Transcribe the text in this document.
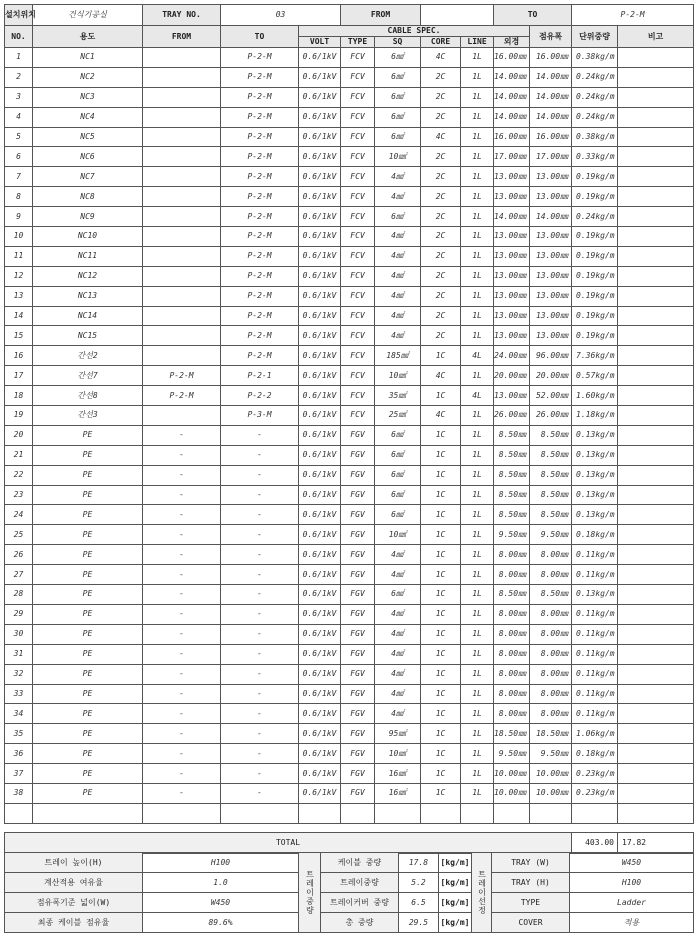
설치위치	건식기공실	TRAY NO.	03		FROM				TO		P-2-M	
NO.	용도	FROM	TO	CABLE SPEC.						점유폭	단위중량	비고
				VOLT	TYPE	SQ	CORE	LINE	외경			
1	NC1		P-2-M	0.6/1kV	FCV	6㎟	4C	1L	16.00㎜	16.00㎜	0.38kg/m	
2	NC2		P-2-M	0.6/1kV	FCV	6㎟	2C	1L	14.00㎜	14.00㎜	0.24kg/m	
3	NC3		P-2-M	0.6/1kV	FCV	6㎟	2C	1L	14.00㎜	14.00㎜	0.24kg/m	
4	NC4		P-2-M	0.6/1kV	FCV	6㎟	2C	1L	14.00㎜	14.00㎜	0.24kg/m	
5	NC5		P-2-M	0.6/1kV	FCV	6㎟	4C	1L	16.00㎜	16.00㎜	0.38kg/m	
6	NC6		P-2-M	0.6/1kV	FCV	10㎟	2C	1L	17.00㎜	17.00㎜	0.33kg/m	
7	NC7		P-2-M	0.6/1kV	FCV	4㎟	2C	1L	13.00㎜	13.00㎜	0.19kg/m	
8	NC8		P-2-M	0.6/1kV	FCV	4㎟	2C	1L	13.00㎜	13.00㎜	0.19kg/m	
9	NC9		P-2-M	0.6/1kV	FCV	6㎟	2C	1L	14.00㎜	14.00㎜	0.24kg/m	
10	NC10		P-2-M	0.6/1kV	FCV	4㎟	2C	1L	13.00㎜	13.00㎜	0.19kg/m	
11	NC11		P-2-M	0.6/1kV	FCV	4㎟	2C	1L	13.00㎜	13.00㎜	0.19kg/m	
12	NC12		P-2-M	0.6/1kV	FCV	4㎟	2C	1L	13.00㎜	13.00㎜	0.19kg/m	
13	NC13		P-2-M	0.6/1kV	FCV	4㎟	2C	1L	13.00㎜	13.00㎜	0.19kg/m	
14	NC14		P-2-M	0.6/1kV	FCV	4㎟	2C	1L	13.00㎜	13.00㎜	0.19kg/m	
15	NC15		P-2-M	0.6/1kV	FCV	4㎟	2C	1L	13.00㎜	13.00㎜	0.19kg/m	
16	간선2		P-2-M	0.6/1kV	FCV	185㎟	1C	4L	24.00㎜	96.00㎜	7.36kg/m	
17	간선7	P-2-M	P-2-1	0.6/1kV	FCV	10㎟	4C	1L	20.00㎜	20.00㎜	0.57kg/m	
18	간선8	P-2-M	P-2-2	0.6/1kV	FCV	35㎟	1C	4L	13.00㎜	52.00㎜	1.60kg/m	
19	간선3		P-3-M	0.6/1kV	FCV	25㎟	4C	1L	26.00㎜	26.00㎜	1.18kg/m	
20	PE	-	-	0.6/1kV	FGV	6㎟	1C	1L	8.50㎜	8.50㎜	0.13kg/m	
21	PE	-	-	0.6/1kV	FGV	6㎟	1C	1L	8.50㎜	8.50㎜	0.13kg/m	
22	PE	-	-	0.6/1kV	FGV	6㎟	1C	1L	8.50㎜	8.50㎜	0.13kg/m	
23	PE	-	-	0.6/1kV	FGV	6㎟	1C	1L	8.50㎜	8.50㎜	0.13kg/m	
24	PE	-	-	0.6/1kV	FGV	6㎟	1C	1L	8.50㎜	8.50㎜	0.13kg/m	
25	PE	-	-	0.6/1kV	FGV	10㎟	1C	1L	9.50㎜	9.50㎜	0.18kg/m	
26	PE	-	-	0.6/1kV	FGV	4㎟	1C	1L	8.00㎜	8.00㎜	0.11kg/m	
27	PE	-	-	0.6/1kV	FGV	4㎟	1C	1L	8.00㎜	8.00㎜	0.11kg/m	
28	PE	-	-	0.6/1kV	FGV	6㎟	1C	1L	8.50㎜	8.50㎜	0.13kg/m	
29	PE	-	-	0.6/1kV	FGV	4㎟	1C	1L	8.00㎜	8.00㎜	0.11kg/m	
30	PE	-	-	0.6/1kV	FGV	4㎟	1C	1L	8.00㎜	8.00㎜	0.11kg/m	
31	PE	-	-	0.6/1kV	FGV	4㎟	1C	1L	8.00㎜	8.00㎜	0.11kg/m	
32	PE	-	-	0.6/1kV	FGV	4㎟	1C	1L	8.00㎜	8.00㎜	0.11kg/m	
33	PE	-	-	0.6/1kV	FGV	4㎟	1C	1L	8.00㎜	8.00㎜	0.11kg/m	
34	PE	-	-	0.6/1kV	FGV	4㎟	1C	1L	8.00㎜	8.00㎜	0.11kg/m	
35	PE	-	-	0.6/1kV	FGV	95㎟	1C	1L	18.50㎜	18.50㎜	1.06kg/m	
36	PE	-	-	0.6/1kV	FGV	10㎟	1C	1L	9.50㎜	9.50㎜	0.18kg/m	
37	PE	-	-	0.6/1kV	FGV	16㎟	1C	1L	10.00㎜	10.00㎜	0.23kg/m	
38	PE	-	-	0.6/1kV	FGV	16㎟	1C	1L	10.00㎜	10.00㎜	0.23kg/m	

TOTAL	403.00	17.82
트레이 높이(H)	H100	트레이중량	케이블 중량	17.8	[kg/m]	트레이선정	TRAY (W)	W450
계산적용 여유율	1.0		트레이중량	5.2	[kg/m]		TRAY (H)	H100
점유폭기준 넓이(W)	W450		트레이커버 중량	6.5	[kg/m]		TYPE	Ladder
최종 케이블 점유율	89.6%		총 중량	29.5	[kg/m]		COVER	적용
